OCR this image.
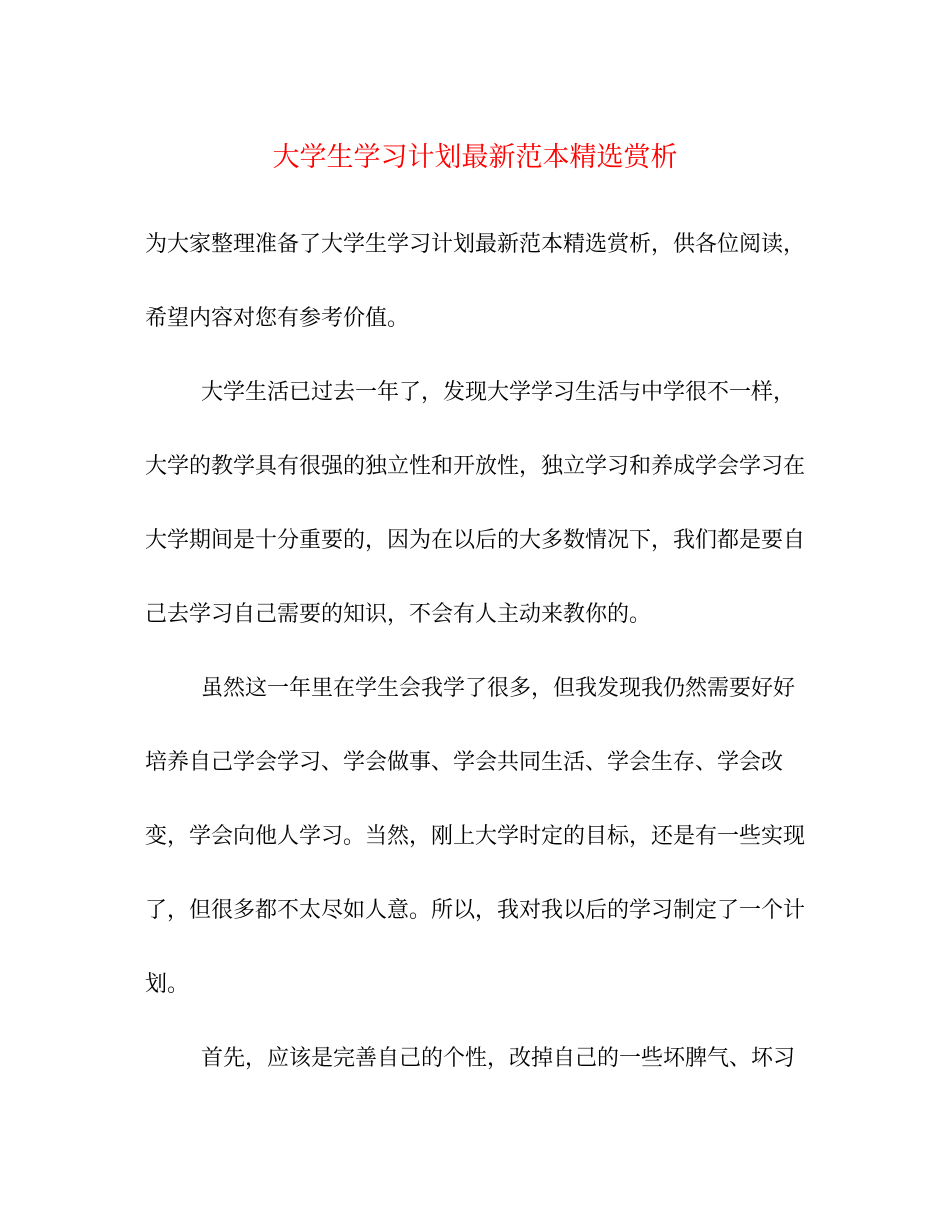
大学生学习计划最新范本精选赏析
为大家整理准备了大学生学习计划最新范本精选赏析，供各位阅读，
希望内容对您有参考价值。
大学生活已过去一年了，发现大学学习生活与中学很不一样，
大学的教学具有很强的独立性和开放性，独立学习和养成学会学习在
大学期间是十分重要的，因为在以后的大多数情况下，我们都是要自
己去学习自己需要的知识，不会有人主动来教你的。
虽然这一年里在学生会我学了很多，但我发现我仍然需要好好
培养自己学会学习、学会做事、学会共同生活、学会生存、学会改
变，学会向他人学习。当然，刚上大学时定的目标，还是有一些实现
了，但很多都不太尽如人意。所以，我对我以后的学习制定了一个计
划。
首先，应该是完善自己的个性，改掉自己的一些坏脾气、坏习
